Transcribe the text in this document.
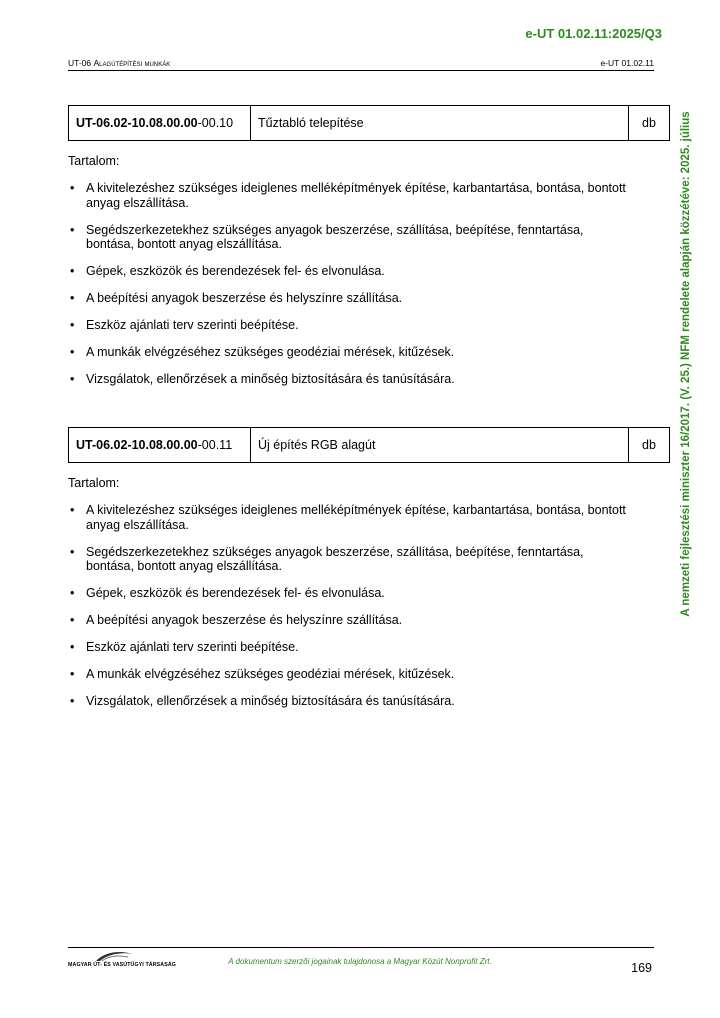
e-UT 01.02.11:2025/Q3
UT-06 Alagútépítési munkák	e-UT 01.02.11
UT-06.02-10.08.00.00 -00.10	Tűztabló telepítése	db
Tartalom:
• A kivitelezéshez szükséges ideiglenes melléképítmények építése, karbantartása, bontása, bontott anyag elszállítása.
• Segédszerkezetekhez szükséges anyagok beszerzése, szállítása, beépítése, fenntartása, bontása, bontott anyag elszállítása.
• Gépek, eszközök és berendezések fel- és elvonulása.
• A beépítési anyagok beszerzése és helyszínre szállítása.
• Eszköz ajánlati terv szerinti beépítése.
• A munkák elvégzéséhez szükséges geodéziai mérések, kitűzések.
• Vizsgálatok, ellenőrzések a minőség biztosítására és tanúsítására.
UT-06.02-10.08.00.00 -00.11	Új építés RGB alagút	db
Tartalom:
• A kivitelezéshez szükséges ideiglenes melléképítmények építése, karbantartása, bontása, bontott anyag elszállítása.
• Segédszerkezetekhez szükséges anyagok beszerzése, szállítása, beépítése, fenntartása, bontása, bontott anyag elszállítása.
• Gépek, eszközök és berendezések fel- és elvonulása.
• A beépítési anyagok beszerzése és helyszínre szállítása.
• Eszköz ajánlati terv szerinti beépítése.
• A munkák elvégzéséhez szükséges geodéziai mérések, kitűzések.
• Vizsgálatok, ellenőrzések a minőség biztosítására és tanúsítására.
A nemzeti fejlesztési miniszter 16/2017. (V. 25.) NFM rendelete alapján közzétéve: 2025. július
MAGYAR ÚT- ÉS VASÚTÜGYI TÁRSASÁG	A dokumentum szerzői jogainak tulajdonosa a Magyar Közút Nonprofit Zrt.	169
